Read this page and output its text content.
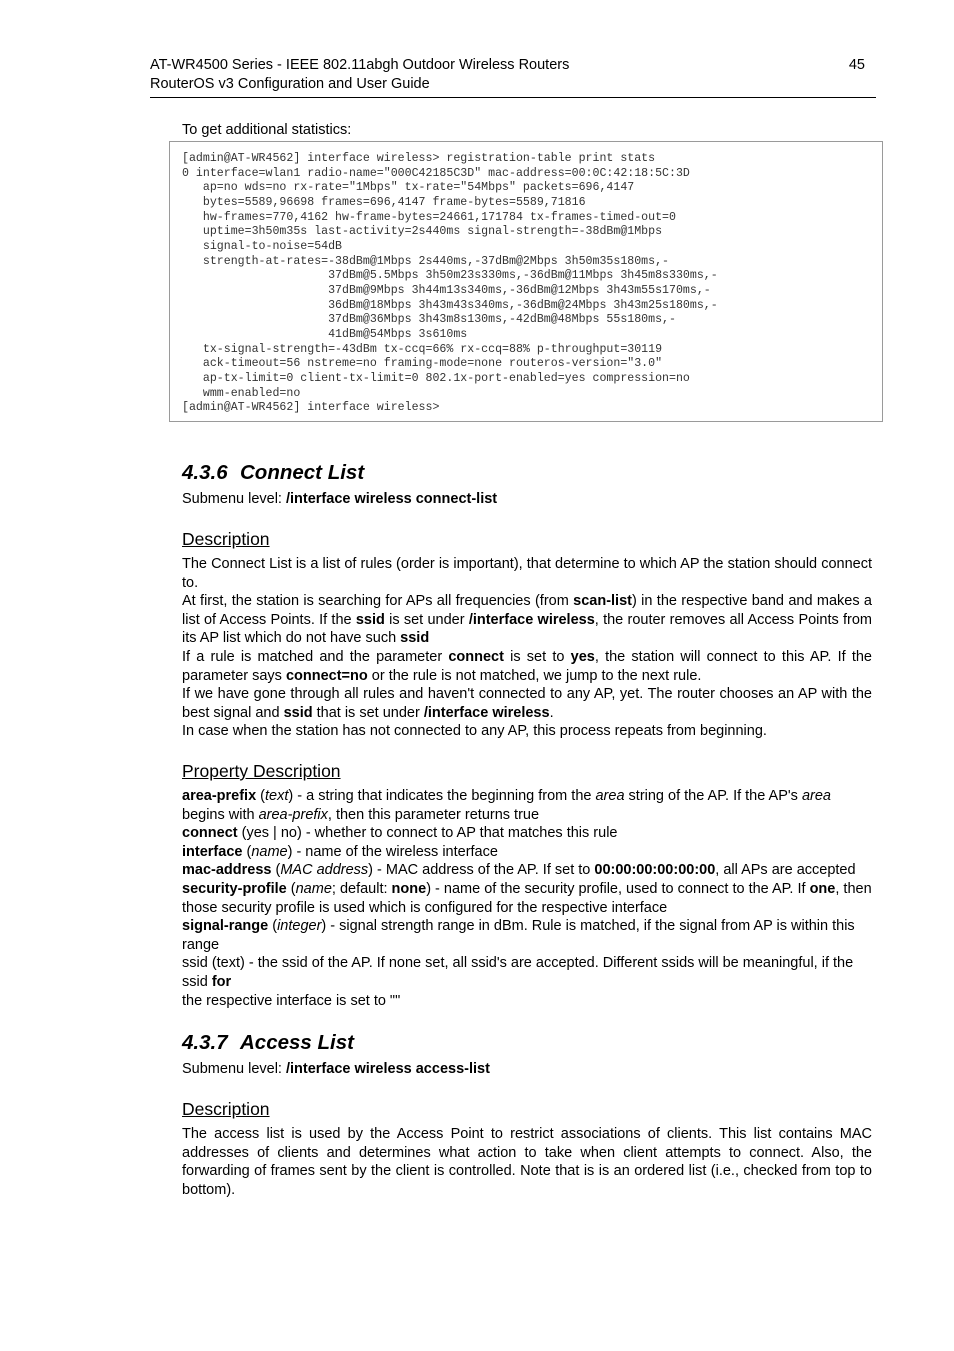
AT-WR4500 Series - IEEE 802.11abgh Outdoor Wireless Routers
RouterOS v3 Configuration and User Guide
45
To get additional statistics:
[admin@AT-WR4562] interface wireless> registration-table print stats
0 interface=wlan1 radio-name="000C42185C3D" mac-address=00:0C:42:18:5C:3D
ap=no wds=no rx-rate="1Mbps" tx-rate="54Mbps" packets=696,4147
bytes=5589,96698 frames=696,4147 frame-bytes=5589,71816
hw-frames=770,4162 hw-frame-bytes=24661,171784 tx-frames-timed-out=0
uptime=3h50m35s last-activity=2s440ms signal-strength=-38dBm@1Mbps
signal-to-noise=54dB
strength-at-rates=-38dBm@1Mbps 2s440ms,-37dBm@2Mbps 3h50m35s180ms,-
37dBm@5.5Mbps 3h50m23s330ms,-36dBm@11Mbps 3h45m8s330ms,-
37dBm@9Mbps 3h44m13s340ms,-36dBm@12Mbps 3h43m55s170ms,-
36dBm@18Mbps 3h43m43s340ms,-36dBm@24Mbps 3h43m25s180ms,-
37dBm@36Mbps 3h43m8s130ms,-42dBm@48Mbps 55s180ms,-
41dBm@54Mbps 3s610ms
tx-signal-strength=-43dBm tx-ccq=66% rx-ccq=88% p-throughput=30119
ack-timeout=56 nstreme=no framing-mode=none routeros-version="3.0"
ap-tx-limit=0 client-tx-limit=0 802.1x-port-enabled=yes compression=no
wmm-enabled=no
[admin@AT-WR4562] interface wireless>
4.3.6 Connect List
Submenu level: /interface wireless connect-list
Description

The Connect List is a list of rules (order is important), that determine to which AP the station should connect to.

At first, the station is searching for APs all frequencies (from scan-list) in the respective band and makes a list of Access Points. If the ssid is set under /interface wireless, the router removes all Access Points from its AP list which do not have such ssid

If a rule is matched and the parameter connect is set to yes, the station will connect to this AP. If the parameter says connect=no or the rule is not matched, we jump to the next rule.

If we have gone through all rules and haven't connected to any AP, yet. The router chooses an AP with the best signal and ssid that is set under /interface wireless.

In case when the station has not connected to any AP, this process repeats from beginning.

Property Description

area-prefix (text) - a string that indicates the beginning from the area string of the AP. If the AP's area begins with area-prefix, then this parameter returns true

connect (yes | no) - whether to connect to AP that matches this rule

interface (name) - name of the wireless interface

mac-address (MAC address) - MAC address of the AP. If set to 00:00:00:00:00:00, all APs are accepted

security-profile (name; default: none) - name of the security profile, used to connect to the AP. If one, then those security profile is used which is configured for the respective interface

signal-range (integer) - signal strength range in dBm. Rule is matched, if the signal from AP is within this range

ssid (text) - the ssid of the AP. If none set, all ssid's are accepted. Different ssids will be meaningful, if the ssid for

the respective interface is set to ""

4.3.7 Access List
Submenu level: /interface wireless access-list
Description

The access list is used by the Access Point to restrict associations of clients. This list contains MAC addresses of clients and determines what action to take when client attempts to connect. Also, the forwarding of frames sent by the client is controlled. Note that is is an ordered list (i.e., checked from top to bottom).
